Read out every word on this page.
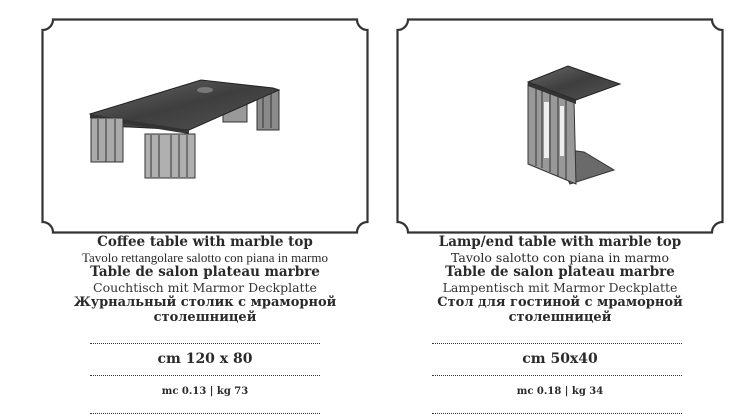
Coffee table with marble top
Tavolo rettangolare salotto con piana in marmo
Table de salon plateau marbre
Couchtisch mit Marmor Deckplatte
Журнальный столик с мраморной
столешницей
cm 120 x 80
mc 0.13 | kg 73
Lamp/end table with marble top
Tavolo salotto con piana in marmo
Table de salon plateau marbre
Lampentisch mit Marmor Deckplatte
Стол для гостиной с мраморной
столешницей
cm 50x40
mc 0.18 | kg 34
